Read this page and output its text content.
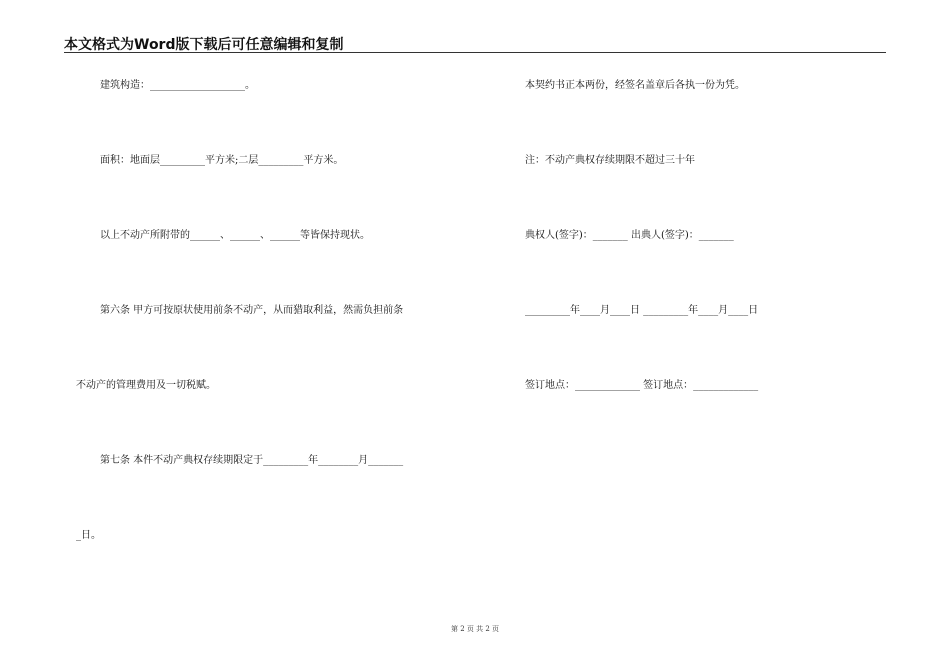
本文格式为Word版下载后可任意编辑和复制
建筑构造：___________________。
面积：地面层_________平方米;二层_________平方米。
以上不动产所附带的______、______、______等皆保持现状。
第六条 甲方可按原状使用前条不动产，从而猎取利益，然需负担前条
不动产的管理费用及一切税赋。
第七条 本件不动产典权存续期限定于_________年________月_______
_日。
本契约书正本两份，经签名盖章后各执一份为凭。
注：不动产典权存续期限不超过三十年
典权人(签字)：_______ 出典人(签字)：_______
_________年____月____日 _________年____月____日
签订地点：_____________ 签订地点：_____________
第 2 页 共 2 页
